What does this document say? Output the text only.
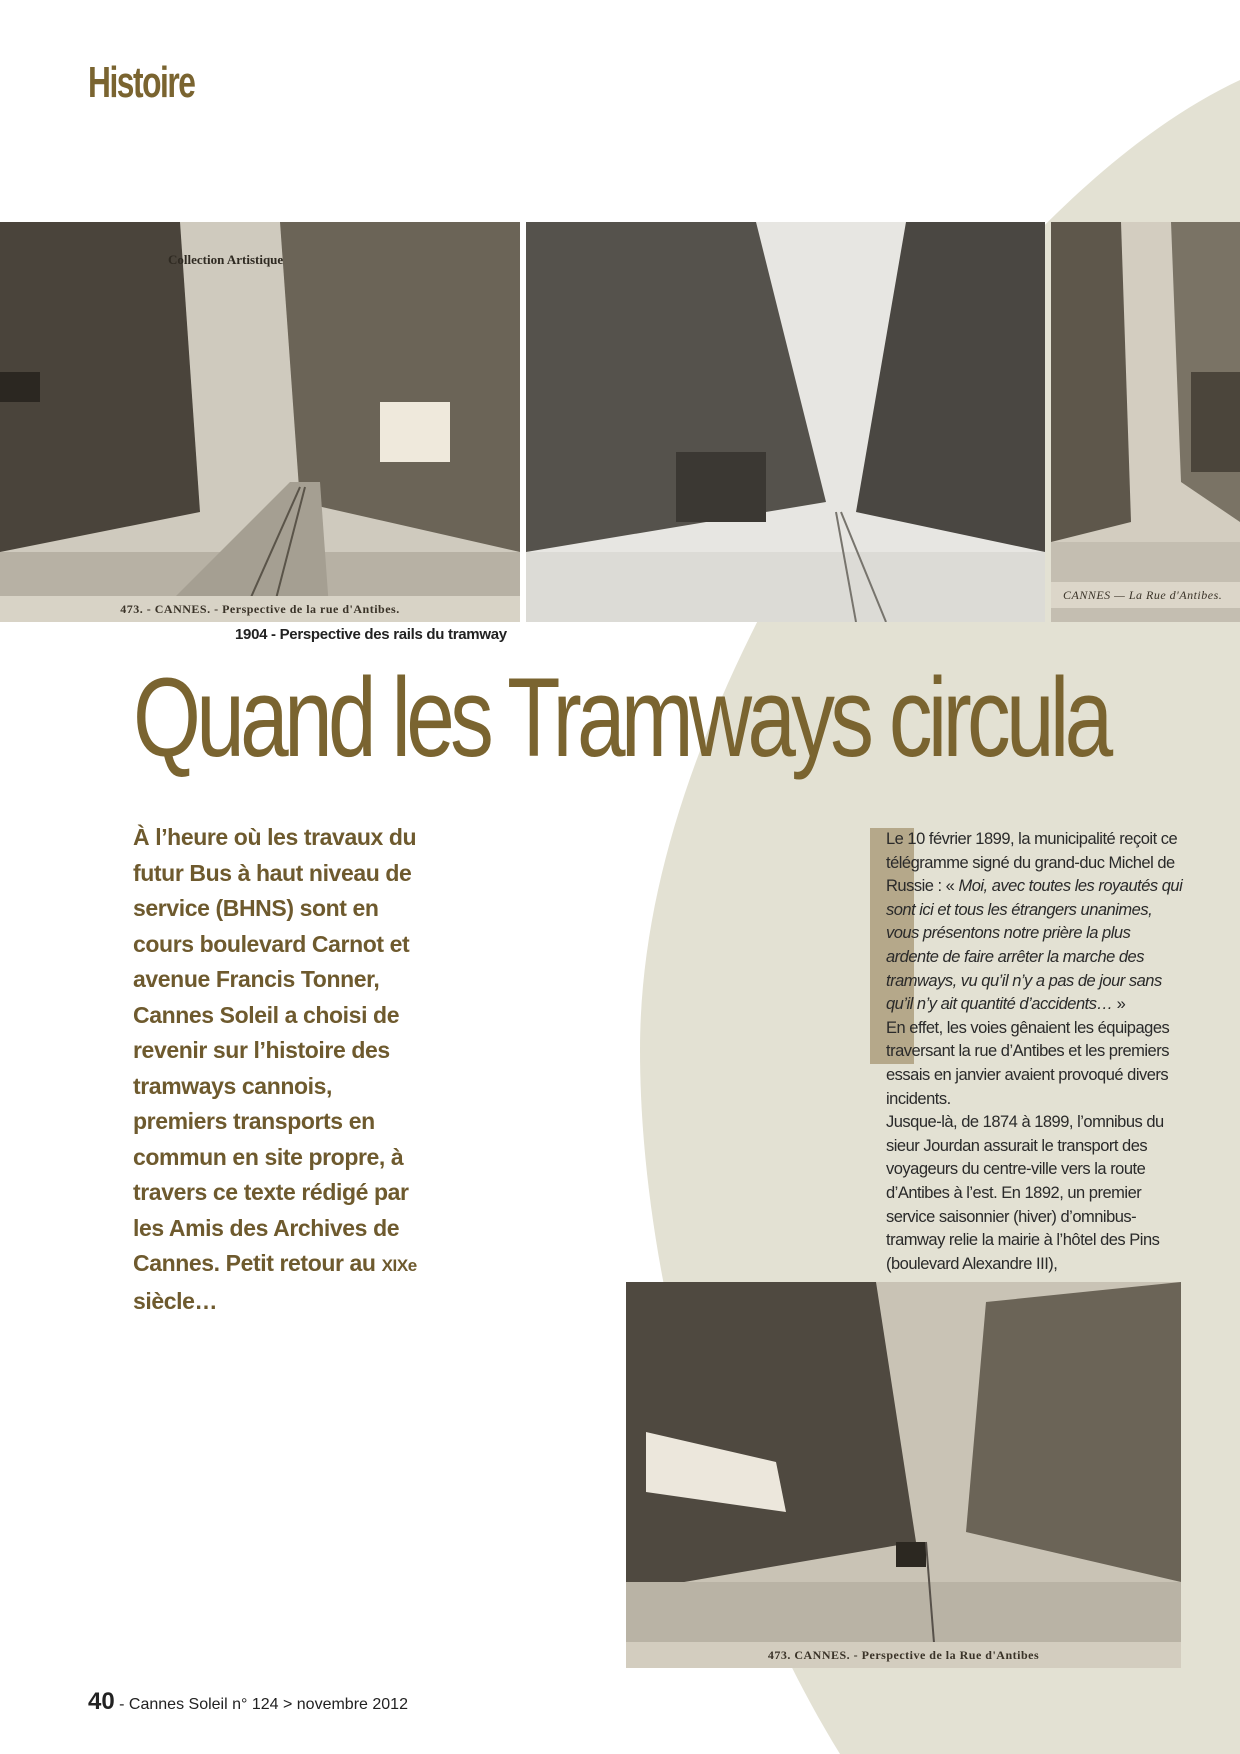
Histoire
Collection Artistique
473. - CANNES. - Perspective de la rue d'Antibes.
CANNES — La Rue d'Antibes.
1904 - Perspective des rails du tramway
Quand les Tramways circula

À l’heure où les travaux du futur Bus à haut niveau de service (BHNS) sont en cours boulevard Carnot et avenue Francis Tonner, Cannes Soleil a choisi de revenir sur l’histoire des tramways cannois, premiers transports en commun en site propre, à travers ce texte rédigé par les Amis des Archives de Cannes. Petit retour au XIXe siècle…

Le 10 février 1899, la municipalité reçoit ce télégramme signé du grand-duc Michel de Russie : « Moi, avec toutes les royautés qui sont ici et tous les étrangers unanimes, vous présentons notre prière la plus ardente de faire arrêter la marche des tramways, vu qu’il n’y a pas de jour sans qu’il n’y ait quantité d’accidents… »

En effet, les voies gênaient les équipages traversant la rue d’Antibes et les premiers essais en janvier avaient provoqué divers incidents.

Jusque-là, de 1874 à 1899, l’omnibus du sieur Jourdan assurait le transport des voyageurs du centre-ville vers la route d’Antibes à l’est. En 1892, un premier service saisonnier (hiver) d’omnibus-tramway relie la mairie à l’hôtel des Pins (boulevard Alexandre III),

473. CANNES. - Perspective de la Rue d'Antibes
40 - Cannes Soleil n° 124 > novembre 2012
